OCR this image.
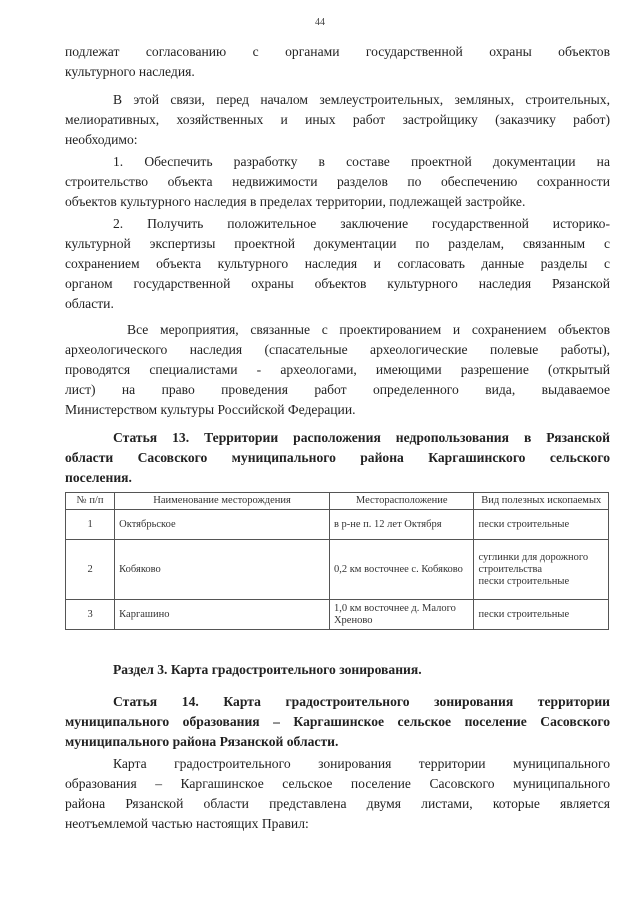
44
подлежат согласованию с органами государственной охраны объектов
культурного наследия.
В этой связи, перед началом землеустроительных, земляных, строительных,
мелиоративных, хозяйственных и иных работ застройщику (заказчику работ)
необходимо:
1. Обеспечить разработку в составе проектной документации на
строительство объекта недвижимости разделов по обеспечению сохранности
объектов культурного наследия в пределах территории, подлежащей застройке.
2. Получить положительное заключение государственной историко-
культурной экспертизы проектной документации по разделам, связанным с
сохранением объекта культурного наследия и согласовать данные разделы с
органом государственной охраны объектов культурного наследия Рязанской
области.
Все мероприятия, связанные с проектированием и сохранением объектов
археологического наследия (спасательные археологические полевые работы),
проводятся специалистами - археологами, имеющими разрешение (открытый
лист) на право проведения работ определенного вида, выдаваемое
Министерством культуры Российской Федерации.
Статья 13. Территории расположения недропользования в Рязанской
области Сасовского муниципального района Каргашинского сельского
поселения.
№ п/п	Наименование месторождения	Месторасположение	Вид полезных ископаемых
1	Октябрьское	в р-не п. 12 лет Октября	пески строительные
2	Кобяково	0,2 км восточнее с. Кобяково	суглинки для дорожного строительства
пески строительные

3	Каргашино	1,0 км восточнее д. Малого Хреново	пески строительные
Раздел 3. Карта градостроительного зонирования.
Статья 14. Карта градостроительного зонирования территории
муниципального образования – Каргашинское сельское поселение Сасовского
муниципального района Рязанской области.
Карта градостроительного зонирования территории муниципального
образования – Каргашинское сельское поселение Сасовского муниципального
района Рязанской области представлена двумя листами, которые является
неотъемлемой частью настоящих Правил:
